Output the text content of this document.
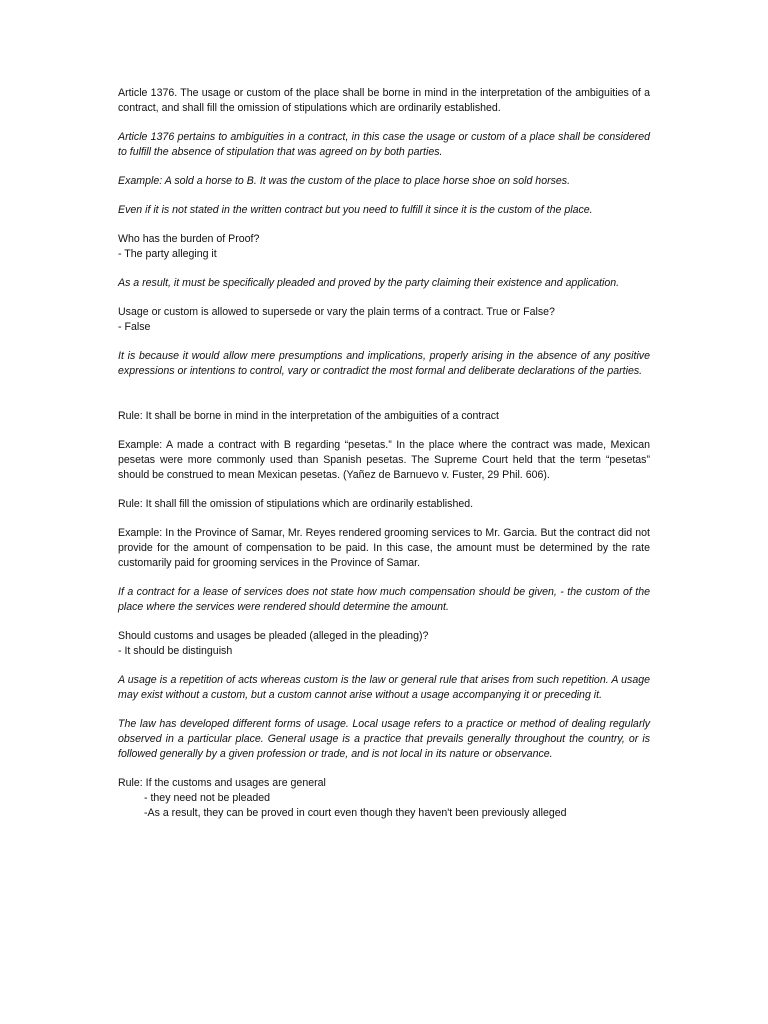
Article 1376. The usage or custom of the place shall be borne in mind in the interpretation of the ambiguities of a contract, and shall fill the omission of stipulations which are ordinarily established.

Article 1376 pertains to ambiguities in a contract, in this case the usage or custom of a place shall be considered to fulfill the absence of stipulation that was agreed on by both parties.

Example: A sold a horse to B. It was the custom of the place to place horse shoe on sold horses.

Even if it is not stated in the written contract but you need to fulfill it since it is the custom of the place.

Who has the burden of Proof?
- The party alleging it

As a result, it must be specifically pleaded and proved by the party claiming their existence and application.

Usage or custom is allowed to supersede or vary the plain terms of a contract. True or False?
- False

It is because it would allow mere presumptions and implications, properly arising in the absence of any positive expressions or intentions to control, vary or contradict the most formal and deliberate declarations of the parties.

Rule: It shall be borne in mind in the interpretation of the ambiguities of a contract

Example: A made a contract with B regarding “pesetas.” In the place where the contract was made, Mexican pesetas were more commonly used than Spanish pesetas. The Supreme Court held that the term “pesetas” should be construed to mean Mexican pesetas. (Yañez de Barnuevo v. Fuster, 29 Phil. 606).

Rule: It shall fill the omission of stipulations which are ordinarily established.

Example: In the Province of Samar, Mr. Reyes rendered grooming services to Mr. Garcia. But the contract did not provide for the amount of compensation to be paid. In this case, the amount must be determined by the rate customarily paid for grooming services in the Province of Samar.

If a contract for a lease of services does not state how much compensation should be given, - the custom of the place where the services were rendered should determine the amount.

Should customs and usages be pleaded (alleged in the pleading)?
- It should be distinguish

A usage is a repetition of acts whereas custom is the law or general rule that arises from such repetition. A usage may exist without a custom, but a custom cannot arise without a usage accompanying it or preceding it.

The law has developed different forms of usage. Local usage refers to a practice or method of dealing regularly observed in a particular place. General usage is a practice that prevails generally throughout the country, or is followed generally by a given profession or trade, and is not local in its nature or observance.

Rule: If the customs and usages are general
- they need not be pleaded
-As a result, they can be proved in court even though they haven't been previously alleged
